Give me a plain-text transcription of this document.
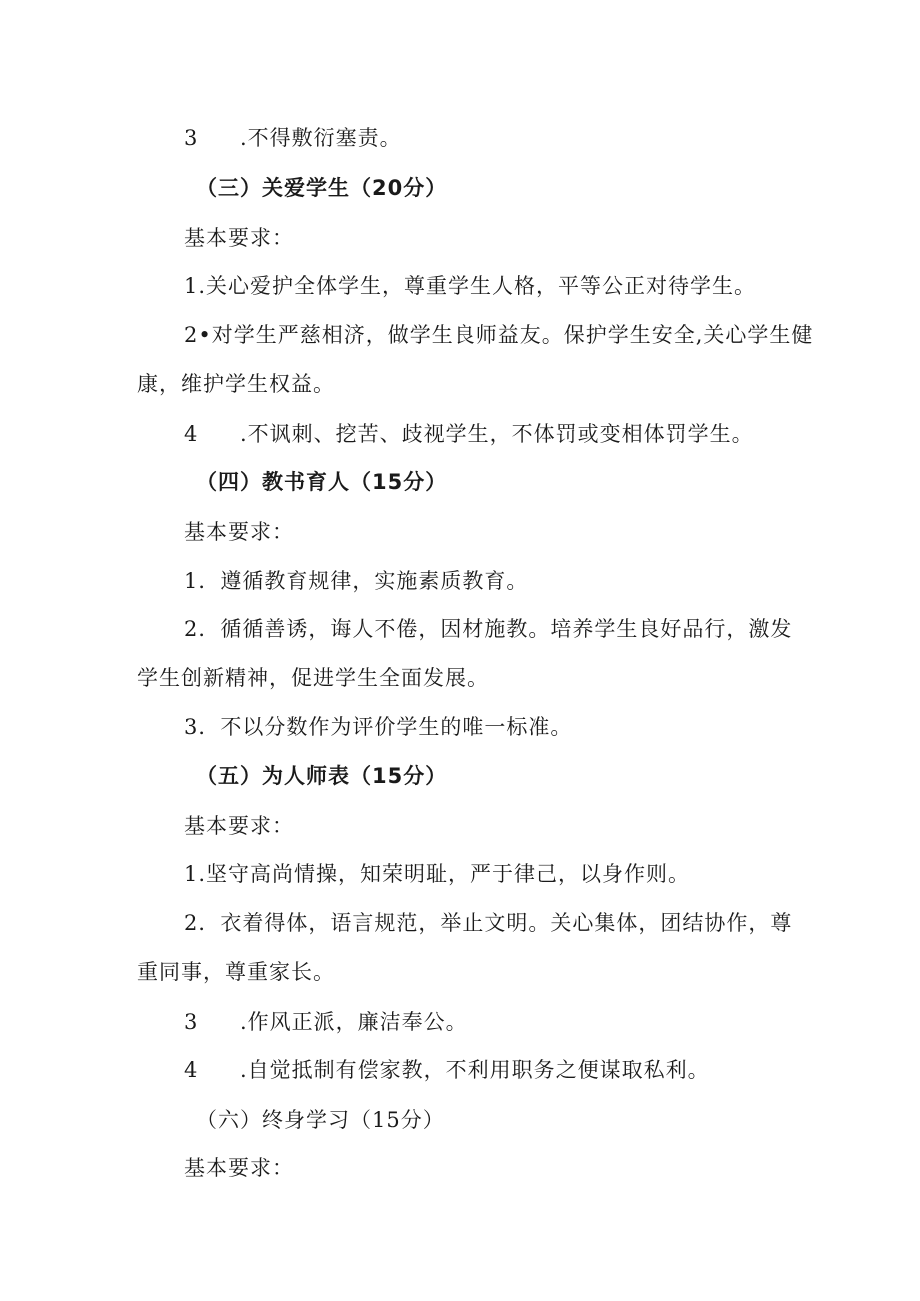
3 .不得敷衍塞责。
（三）关爱学生（20分）
基本要求：
1.关心爱护全体学生，尊重学生人格，平等公正对待学生。
2•对学生严慈相济，做学生良师益友。保护学生安全,关心学生健
康，维护学生权益。
4 .不讽刺、挖苦、歧视学生，不体罚或变相体罚学生。
（四）教书育人（15分）
基本要求：
1．遵循教育规律，实施素质教育。
2．循循善诱，诲人不倦，因材施教。培养学生良好品行，激发
学生创新精神，促进学生全面发展。
3．不以分数作为评价学生的唯一标准。
（五）为人师表（15分）
基本要求：
1.坚守高尚情操，知荣明耻，严于律己，以身作则。
2．衣着得体，语言规范，举止文明。关心集体，团结协作，尊
重同事，尊重家长。
3 .作风正派，廉洁奉公。
4 .自觉抵制有偿家教，不利用职务之便谋取私利。
（六）终身学习（15分）
基本要求：
